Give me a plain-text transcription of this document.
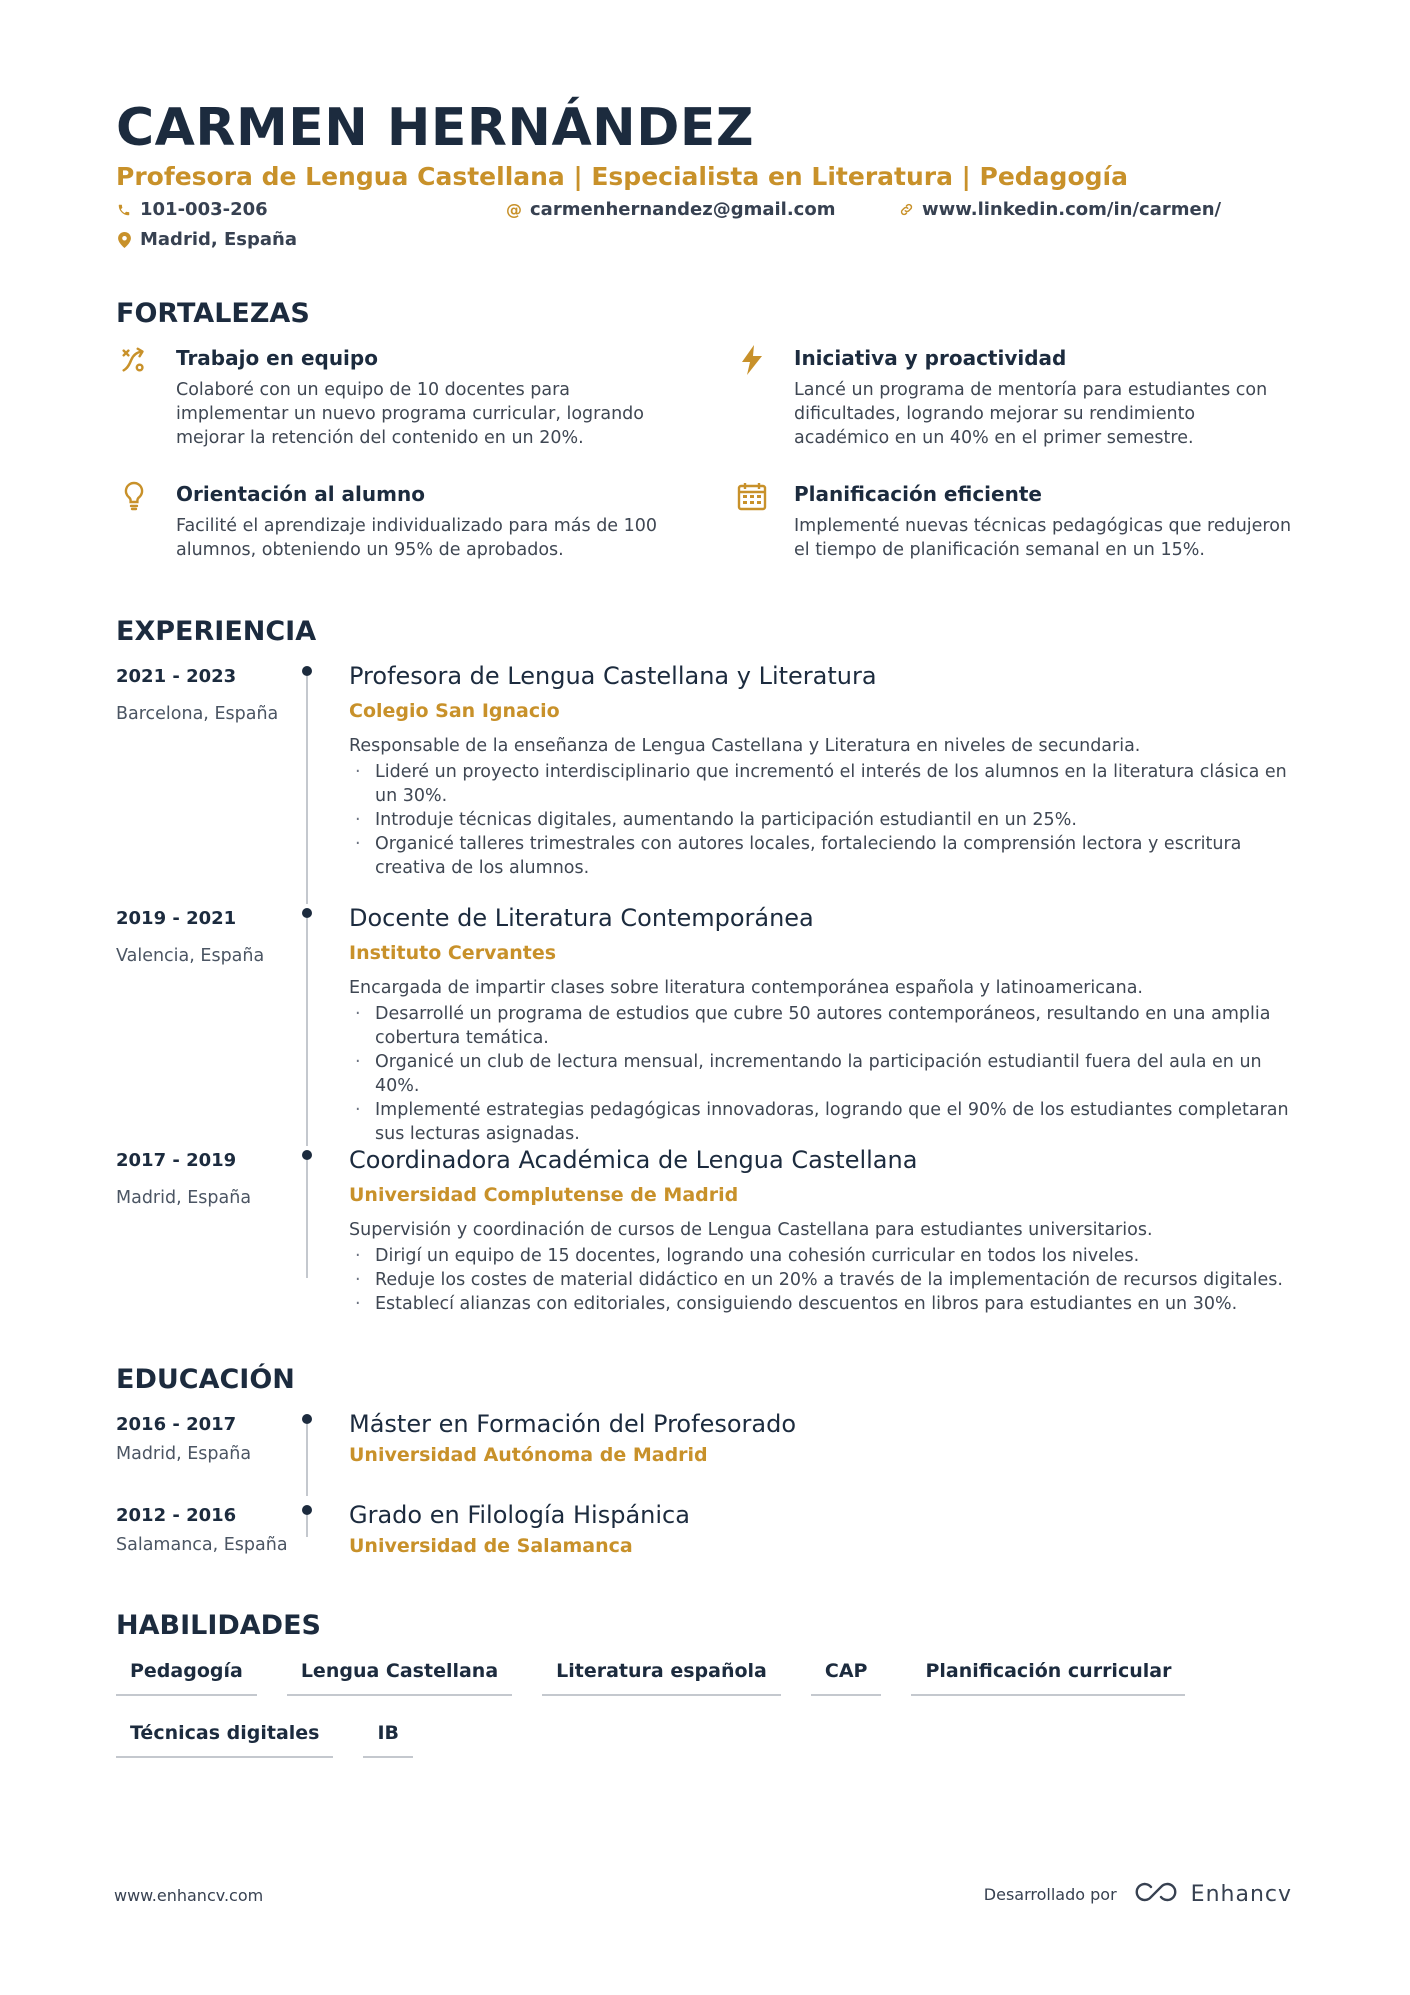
CARMEN HERNÁNDEZ
Profesora de Lengua Castellana | Especialista en Literatura | Pedagogía
101-003-206	@ carmenhernandez@gmail.com	www.linkedin.com/in/carmen/
Madrid, España
FORTALEZAS
Trabajo en equipo
Colaboré con un equipo de 10 docentes para implementar un nuevo programa curricular, logrando mejorar la retención del contenido en un 20%.
Iniciativa y proactividad
Lancé un programa de mentoría para estudiantes con dificultades, logrando mejorar su rendimiento académico en un 40% en el primer semestre.
Orientación al alumno
Facilité el aprendizaje individualizado para más de 100 alumnos, obteniendo un 95% de aprobados.
Planificación eficiente
Implementé nuevas técnicas pedagógicas que redujeron el tiempo de planificación semanal en un 15%.
EXPERIENCIA
2021 - 2023
Barcelona, España
Profesora de Lengua Castellana y Literatura
Colegio San Ignacio
Responsable de la enseñanza de Lengua Castellana y Literatura en niveles de secundaria.
· Lideré un proyecto interdisciplinario que incrementó el interés de los alumnos en la literatura clásica en un 30%.
· Introduje técnicas digitales, aumentando la participación estudiantil en un 25%.
· Organicé talleres trimestrales con autores locales, fortaleciendo la comprensión lectora y escritura creativa de los alumnos.
2019 - 2021
Valencia, España
Docente de Literatura Contemporánea
Instituto Cervantes
Encargada de impartir clases sobre literatura contemporánea española y latinoamericana.
· Desarrollé un programa de estudios que cubre 50 autores contemporáneos, resultando en una amplia cobertura temática.
· Organicé un club de lectura mensual, incrementando la participación estudiantil fuera del aula en un 40%.
· Implementé estrategias pedagógicas innovadoras, logrando que el 90% de los estudiantes completaran sus lecturas asignadas.
2017 - 2019
Madrid, España
Coordinadora Académica de Lengua Castellana
Universidad Complutense de Madrid
Supervisión y coordinación de cursos de Lengua Castellana para estudiantes universitarios.
· Dirigí un equipo de 15 docentes, logrando una cohesión curricular en todos los niveles.
· Reduje los costes de material didáctico en un 20% a través de la implementación de recursos digitales.
· Establecí alianzas con editoriales, consiguiendo descuentos en libros para estudiantes en un 30%.
EDUCACIÓN
2016 - 2017
Madrid, España
Máster en Formación del Profesorado
Universidad Autónoma de Madrid
2012 - 2016
Salamanca, España
Grado en Filología Hispánica
Universidad de Salamanca
HABILIDADES
Pedagogía	Lengua Castellana	Literatura española	CAP	Planificación curricular
Técnicas digitales	IB
www.enhancv.com	Desarrollado por	Enhancv
